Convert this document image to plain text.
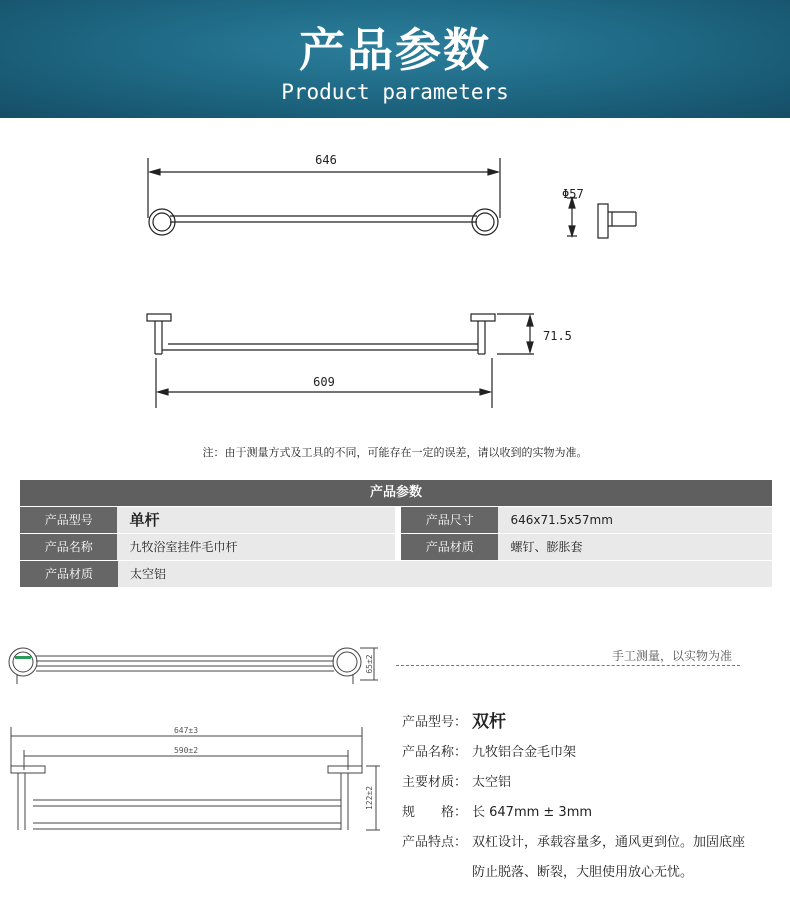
产品参数
Product parameters
646
Φ57
71.5
609
注：由于测量方式及工具的不同，可能存在一定的误差，请以收到的实物为准。
产品参数
产品型号	单杆	产品尺寸	646x71.5x57mm
产品名称	九牧浴室挂件毛巾杆	产品材质	螺钉、膨胀套
产品材质	太空铝
65±2
647±3
590±2
122±2
手工测量，以实物为准
产品型号： 双杆
产品名称： 九牧铝合金毛巾架
主要材质： 太空铝
规　　格： 长 647mm ± 3mm
产品特点： 双杠设计，承载容量多，通风更到位。加固底座
防止脱落、断裂，大胆使用放心无忧。
